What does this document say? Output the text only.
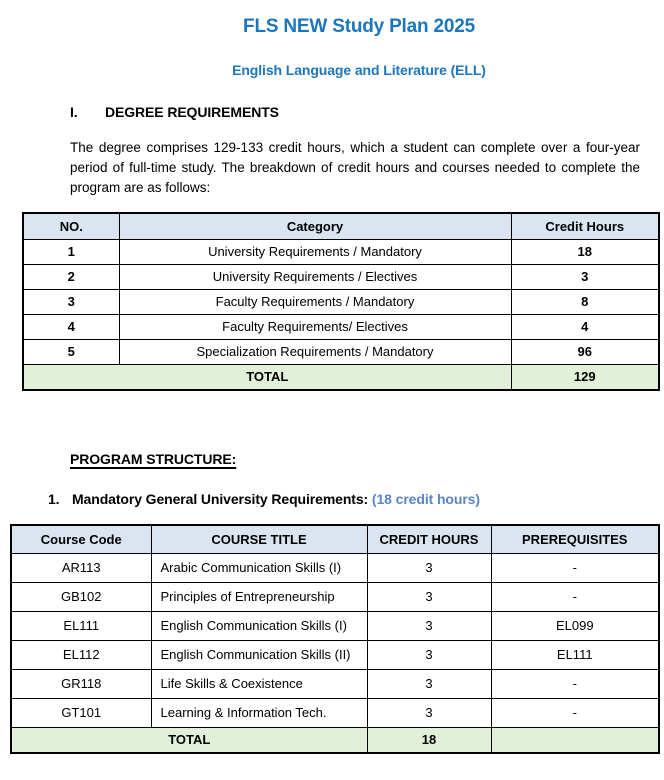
FLS NEW Study Plan 2025
English Language and Literature (ELL)
I. DEGREE REQUIREMENTS

The degree comprises 129-133 credit hours, which a student can complete over a four-year period of full-time study. The breakdown of credit hours and courses needed to complete the program are as follows:

NO.	Category	Credit Hours
1	University Requirements / Mandatory	18
2	University Requirements / Electives	3
3	Faculty Requirements / Mandatory	8
4	Faculty Requirements/ Electives	4
5	Specialization Requirements / Mandatory	96
TOTAL		129
PROGRAM STRUCTURE:
1. Mandatory General University Requirements: (18 credit hours)
Course Code	COURSE TITLE	CREDIT HOURS	PREREQUISITES
AR113	Arabic Communication Skills (I)	3	-
GB102	Principles of Entrepreneurship	3	-
EL111	English Communication Skills (I)	3	EL099
EL112	English Communication Skills (II)	3	EL111
GR118	Life Skills & Coexistence	3	-
GT101	Learning & Information Tech.	3	-
TOTAL		18	
